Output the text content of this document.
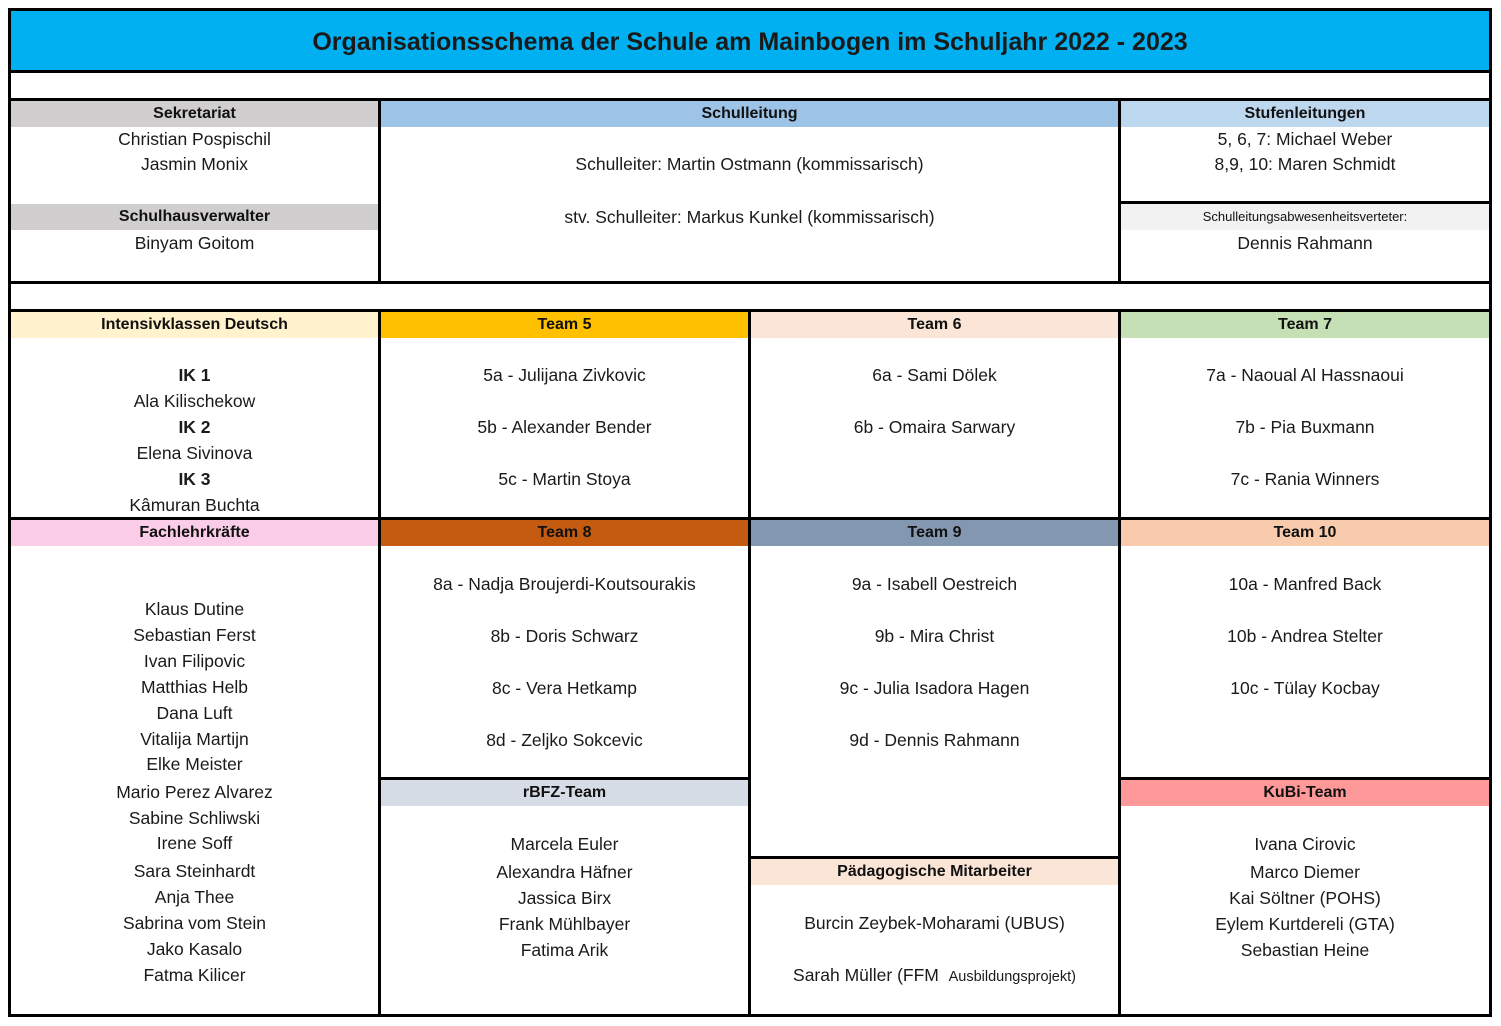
Organisationsschema der Schule am Mainbogen im Schuljahr 2022 - 2023
Sekretariat
Christian Pospischil
Jasmin Monix
Schulhausverwalter
Binyam Goitom
Schulleitung
Schulleiter: Martin Ostmann (kommissarisch)
stv. Schulleiter: Markus Kunkel (kommissarisch)
Stufenleitungen
5, 6, 7: Michael Weber
8,9, 10: Maren Schmidt
Schulleitungsabwesenheitsverteter:
Dennis Rahmann
Intensivklassen Deutsch
IK 1
Ala Kilischekow
IK 2
Elena Sivinova
IK 3
Kâmuran Buchta
Team 5
5a - Julijana Zivkovic
5b - Alexander Bender
5c - Martin Stoya
Team 6
6a - Sami Dölek
6b - Omaira Sarwary
Team 7
7a - Naoual Al Hassnaoui
7b - Pia Buxmann
7c - Rania Winners
Fachlehrkräfte
Klaus Dutine
Sebastian Ferst
Ivan Filipovic
Matthias Helb
Dana Luft
Vitalija Martijn
Elke Meister
Mario Perez Alvarez
Sabine Schliwski
Irene Soff
Sara Steinhardt
Anja Thee
Sabrina vom Stein
Jako Kasalo
Fatma Kilicer
Team 8
8a - Nadja Broujerdi-Koutsourakis
8b - Doris Schwarz
8c - Vera Hetkamp
8d - Zeljko Sokcevic
Team 9
9a - Isabell Oestreich
9b - Mira Christ
9c - Julia Isadora Hagen
9d - Dennis Rahmann
Team 10
10a - Manfred Back
10b - Andrea Stelter
10c - Tülay Kocbay
rBFZ-Team
Marcela Euler
Alexandra Häfner
Jassica Birx
Frank Mühlbayer
Fatima Arik
Pädagogische Mitarbeiter
Burcin Zeybek-Moharami (UBUS)
Sarah Müller (FFM Ausbildungsprojekt)
KuBi-Team
Ivana Cirovic
Marco Diemer
Kai Söltner (POHS)
Eylem Kurtdereli (GTA)
Sebastian Heine
